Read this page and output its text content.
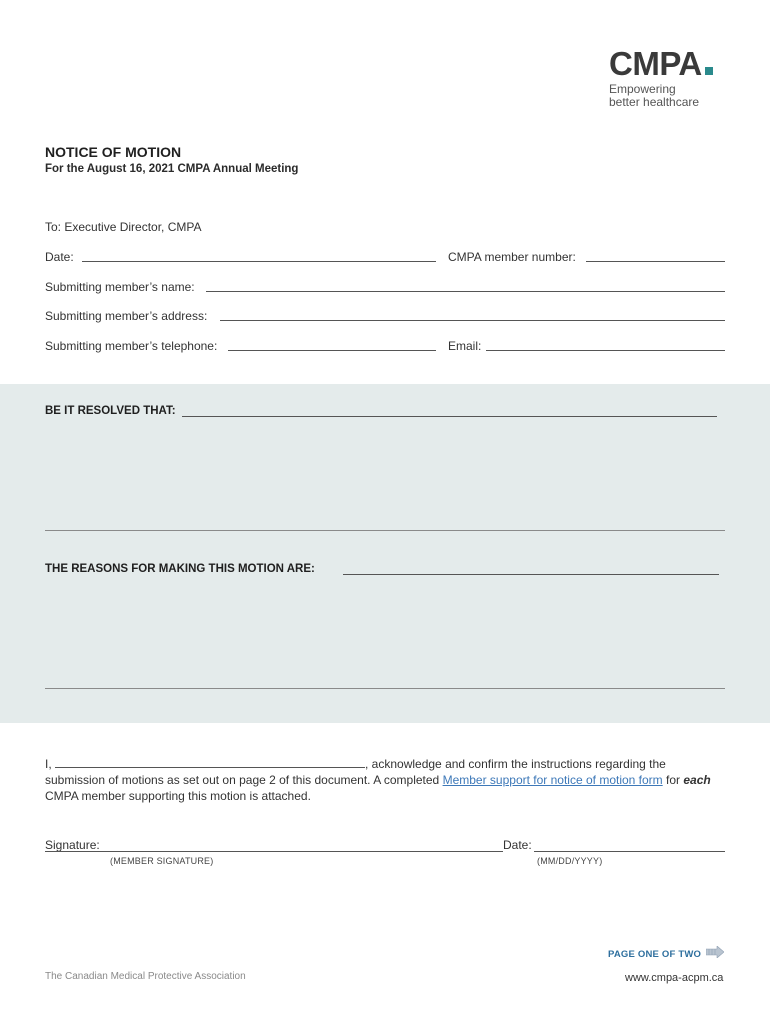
CMPA
Empowering
better healthcare
NOTICE OF MOTION
For the August 16, 2021 CMPA Annual Meeting
To: Executive Director, CMPA
Date:	CMPA member number:
Submitting member’s name:
Submitting member’s address:
Submitting member’s telephone:	Email:
BE IT RESOLVED THAT:
THE REASONS FOR MAKING THIS MOTION ARE:
I,	, acknowledge and confirm the instructions regarding the submission of motions as set out on page 2 of this document. A completed Member support for notice of motion form for each CMPA member supporting this motion is attached.
Signature:	Date:
(MEMBER SIGNATURE)	(MM/DD/YYYY)
PAGE ONE OF TWO
The Canadian Medical Protective Association	www.cmpa-acpm.ca
